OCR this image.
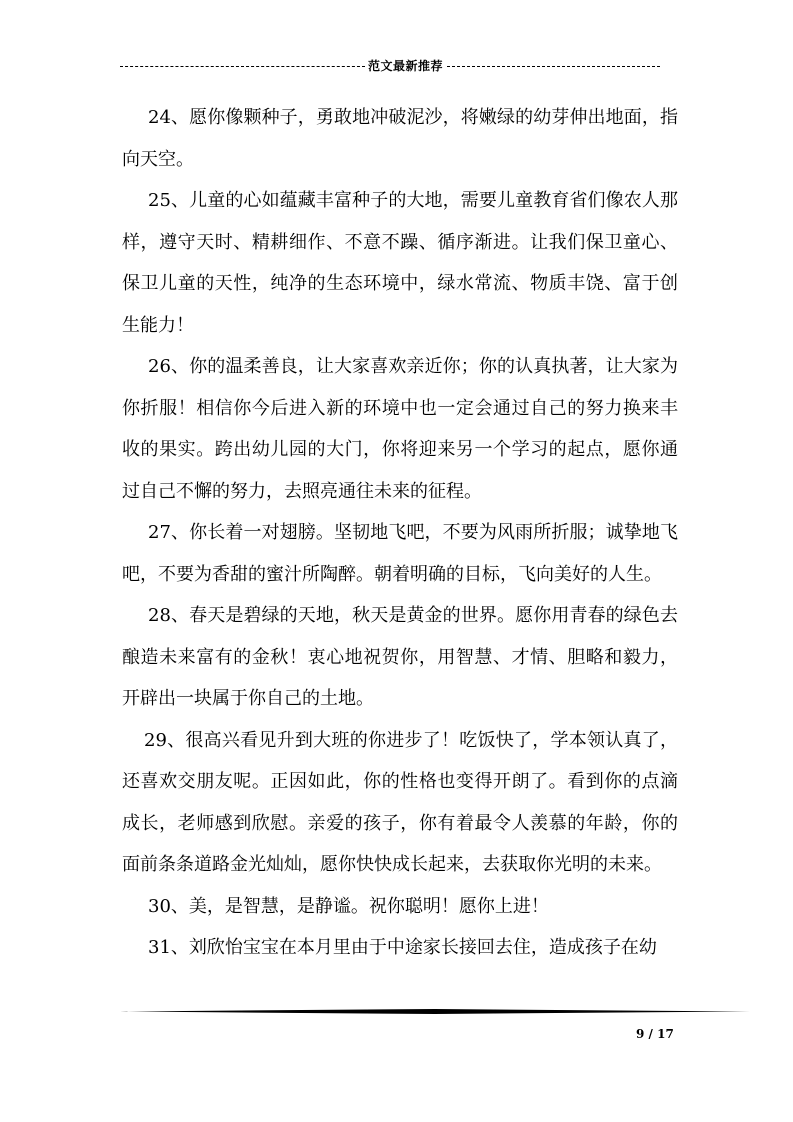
范文最新推荐

24、愿你像颗种子，勇敢地冲破泥沙，将嫩绿的幼芽伸出地面，指向天空。

25、儿童的心如蕴藏丰富种子的大地，需要儿童教育省们像农人那样，遵守天时、精耕细作、不意不躁、循序渐进。让我们保卫童心、保卫儿童的天性，纯净的生态环境中，绿水常流、物质丰饶、富于创生能力！

26、你的温柔善良，让大家喜欢亲近你；你的认真执著，让大家为你折服！相信你今后进入新的环境中也一定会通过自己的努力换来丰收的果实。跨出幼儿园的大门，你将迎来另一个学习的起点，愿你通过自己不懈的努力，去照亮通往未来的征程。

27、你长着一对翅膀。坚韧地飞吧，不要为风雨所折服；诚挚地飞吧，不要为香甜的蜜汁所陶醉。朝着明确的目标，飞向美好的人生。

28、春天是碧绿的天地，秋天是黄金的世界。愿你用青春的绿色去酿造未来富有的金秋！衷心地祝贺你，用智慧、才情、胆略和毅力，开辟出一块属于你自己的土地。

29、很高兴看见升到大班的你进步了！吃饭快了，学本领认真了，还喜欢交朋友呢。正因如此，你的性格也变得开朗了。看到你的点滴成长，老师感到欣慰。亲爱的孩子，你有着最令人羡慕的年龄，你的面前条条道路金光灿灿，愿你快快成长起来，去获取你光明的未来。

30、美，是智慧，是静谧。祝你聪明！愿你上进！

31、刘欣怡宝宝在本月里由于中途家长接回去住，造成孩子在幼

9 / 17
